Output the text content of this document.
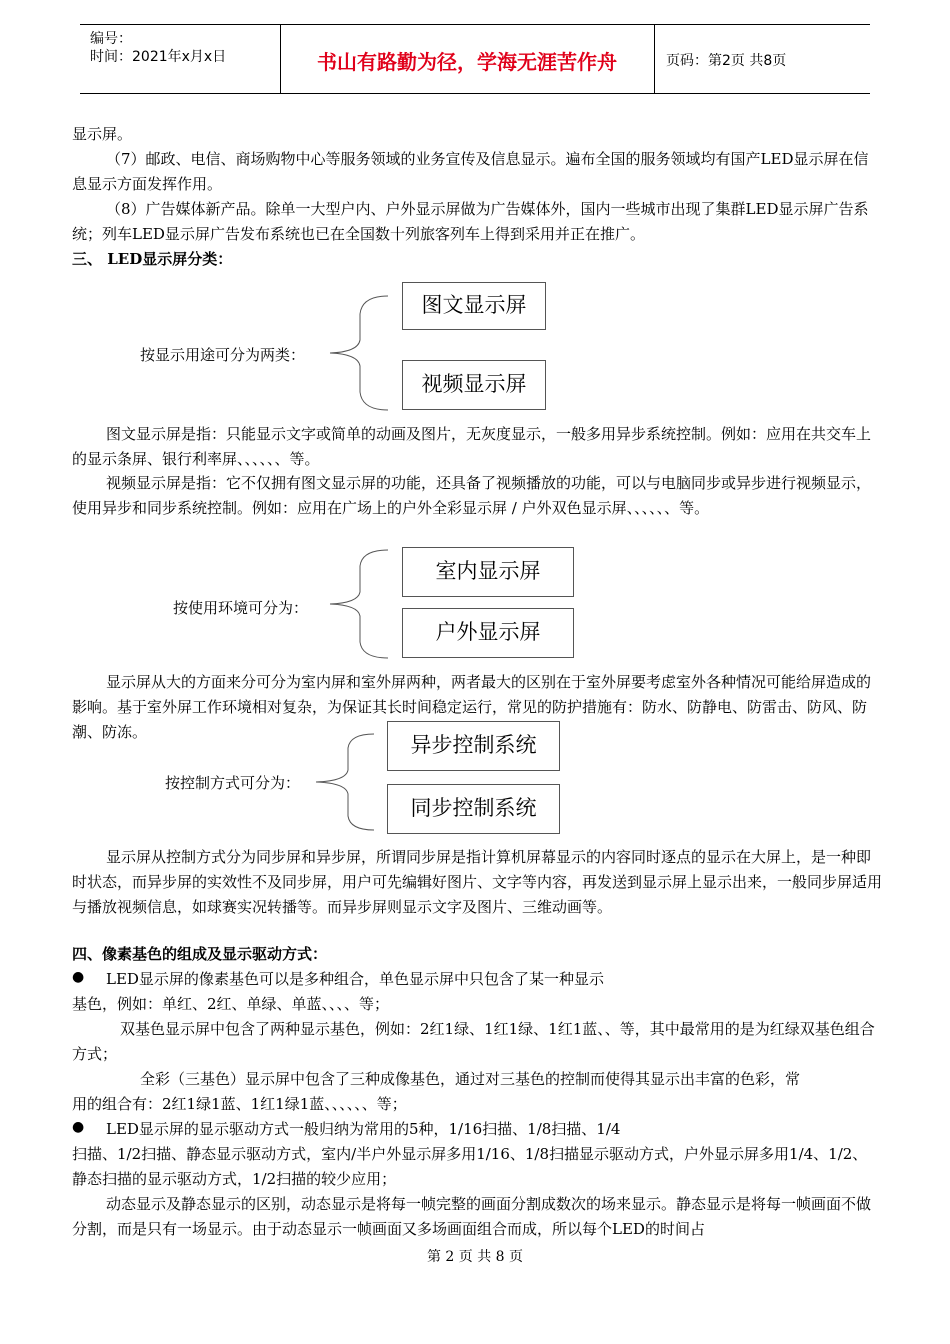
编号：
时间：2021年x月x日	书山有路勤为径，学海无涯苦作舟	页码：第2页 共8页

显示屏。

（7）邮政、电信、商场购物中心等服务领域的业务宣传及信息显示。遍布全国的服务领域均有国产LED显示屏在信息显示方面发挥作用。

（8）广告媒体新产品。除单一大型户内、户外显示屏做为广告媒体外，国内一些城市出现了集群LED显示屏广告系统；列车LED显示屏广告发布系统也已在全国数十列旅客列车上得到采用并正在推广。

三、 LED显示屏分类：

按显示用途可分为两类：
图文显示屏
视频显示屏

图文显示屏是指：只能显示文字或简单的动画及图片，无灰度显示，一般多用异步系统控制。例如：应用在共交车上的显示条屏、银行利率屏、、、、、、等。

视频显示屏是指：它不仅拥有图文显示屏的功能，还具备了视频播放的功能，可以与电脑同步或异步进行视频显示，使用异步和同步系统控制。例如：应用在广场上的户外全彩显示屏 / 户外双色显示屏、、、、、、等。

按使用环境可分为：
室内显示屏
户外显示屏

显示屏从大的方面来分可分为室内屏和室外屏两种，两者最大的区别在于室外屏要考虑室外各种情况可能给屏造成的影响。基于室外屏工作环境相对复杂，为保证其长时间稳定运行，常见的防护措施有：防水、防静电、防雷击、防风、防潮、防冻。

按控制方式可分为：
异步控制系统
同步控制系统

显示屏从控制方式分为同步屏和异步屏，所谓同步屏是指计算机屏幕显示的内容同时逐点的显示在大屏上，是一种即时状态，而异步屏的实效性不及同步屏，用户可先编辑好图片、文字等内容，再发送到显示屏上显示出来，一般同步屏适用与播放视频信息，如球赛实况转播等。而异步屏则显示文字及图片、三维动画等。

四、像素基色的组成及显示驱动方式：

●	LED显示屏的像素基色可以是多种组合，单色显示屏中只包含了某一种显示

基色，例如：单红、2红、单绿、单蓝、、、、等；

双基色显示屏中包含了两种显示基色，例如：2红1绿、1红1绿、1红1蓝、、等，其中最常用的是为红绿双基色组合方式；

全彩（三基色）显示屏中包含了三种成像基色，通过对三基色的控制而使得其显示出丰富的色彩，常

用的组合有：2红1绿1蓝、1红1绿1蓝、、、、、、等；

●	LED显示屏的显示驱动方式一般归纳为常用的5种，1/16扫描、1/8扫描、1/4

扫描、1/2扫描、静态显示驱动方式，室内/半户外显示屏多用1/16、1/8扫描显示驱动方式，户外显示屏多用1/4、1/2、静态扫描的显示驱动方式，1/2扫描的较少应用；

动态显示及静态显示的区别，动态显示是将每一帧完整的画面分割成数次的场来显示。静态显示是将每一帧画面不做分割，而是只有一场显示。由于动态显示一帧画面又多场画面组合而成，所以每个LED的时间占

第 2 页 共 8 页
